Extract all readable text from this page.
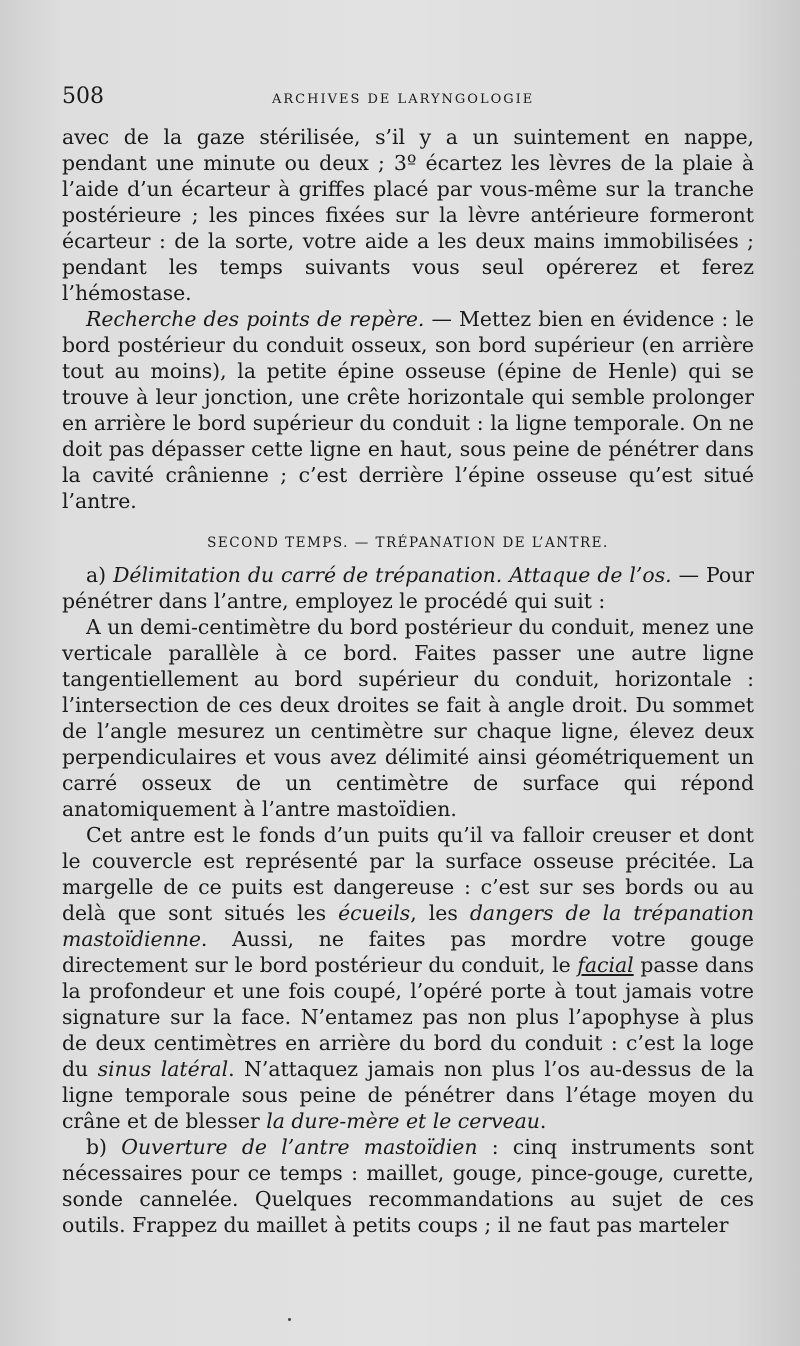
508	ARCHIVES DE LARYNGOLOGIE

avec de la gaze stérilisée, s’il y a un suintement en nappe, pendant une minute ou deux ; 3º écartez les lèvres de la plaie à l’aide d’un écarteur à griffes placé par vous-même sur la tranche postérieure ; les pinces fixées sur la lèvre antérieure formeront écarteur : de la sorte, votre aide a les deux mains immobilisées ; pendant les temps suivants vous seul opérerez et ferez l’hémostase.

Recherche des points de repère. — Mettez bien en évidence : le bord postérieur du conduit osseux, son bord supérieur (en arrière tout au moins), la petite épine osseuse (épine de Henle) qui se trouve à leur jonction, une crête horizontale qui semble prolonger en arrière le bord supérieur du conduit : la ligne temporale. On ne doit pas dépasser cette ligne en haut, sous peine de pénétrer dans la cavité crânienne ; c’est derrière l’épine osseuse qu’est situé l’antre.

SECOND TEMPS. — TRÉPANATION DE L’ANTRE.

a) Délimitation du carré de trépanation. Attaque de l’os. — Pour pénétrer dans l’antre, employez le procédé qui suit :

A un demi-centimètre du bord postérieur du conduit, menez une verticale parallèle à ce bord. Faites passer une autre ligne tangentiellement au bord supérieur du conduit, horizontale : l’intersection de ces deux droites se fait à angle droit. Du sommet de l’angle mesurez un centimètre sur chaque ligne, élevez deux perpendiculaires et vous avez délimité ainsi géométriquement un carré osseux de un centimètre de surface qui répond anatomiquement à l’antre mastoïdien.

Cet antre est le fonds d’un puits qu’il va falloir creuser et dont le couvercle est représenté par la surface osseuse précitée. La margelle de ce puits est dangereuse : c’est sur ses bords ou au delà que sont situés les écueils, les dangers de la trépanation mastoïdienne. Aussi, ne faites pas mordre votre gouge directement sur le bord postérieur du conduit, le facial passe dans la profondeur et une fois coupé, l’opéré porte à tout jamais votre signature sur la face. N’entamez pas non plus l’apophyse à plus de deux centimètres en arrière du bord du conduit : c’est la loge du sinus latéral. N’attaquez jamais non plus l’os au-dessus de la ligne temporale sous peine de pénétrer dans l’étage moyen du crâne et de blesser la dure-mère et le cerveau.

b) Ouverture de l’antre mastoïdien : cinq instruments sont nécessaires pour ce temps : maillet, gouge, pince-gouge, curette, sonde cannelée. Quelques recommandations au sujet de ces outils. Frappez du maillet à petits coups ; il ne faut pas marteler
